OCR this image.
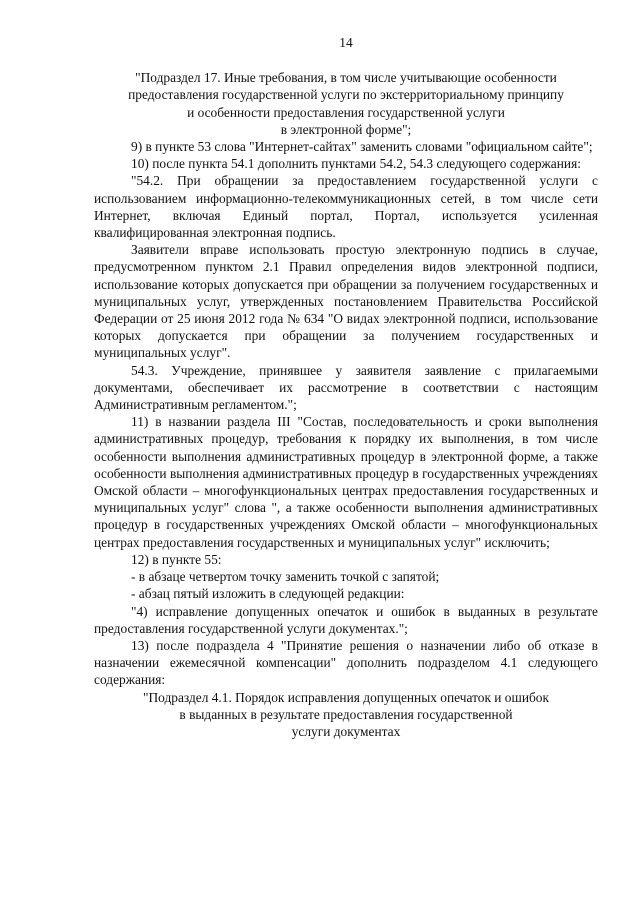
14

"Подраздел 17. Иные требования, в том числе учитывающие особенности

предоставления государственной услуги по экстерриториальному принципу

и особенности предоставления государственной услуги

в электронной форме";

9) в пункте 53 слова "Интернет-сайтах" заменить словами "официальном сайте";

10) после пункта 54.1 дополнить пунктами 54.2, 54.3 следующего содержания:

"54.2. При обращении за предоставлением государственной услуги с использованием информационно-телекоммуникационных сетей, в том числе сети Интернет, включая Единый портал, Портал, используется усиленная квалифицированная электронная подпись.

Заявители вправе использовать простую электронную подпись в случае, предусмотренном пунктом 2.1 Правил определения видов электронной подписи, использование которых допускается при обращении за получением государственных и муниципальных услуг, утвержденных постановлением Правительства Российской Федерации от 25 июня 2012 года № 634 "О видах электронной подписи, использование которых допускается при обращении за получением государственных и муниципальных услуг".

54.3. Учреждение, принявшее у заявителя заявление с прилагаемыми документами, обеспечивает их рассмотрение в соответствии с настоящим Административным регламентом.";

11) в названии раздела III "Состав, последовательность и сроки выполнения административных процедур, требования к порядку их выполнения, в том числе особенности выполнения административных процедур в электронной форме, а также особенности выполнения административных процедур в государственных учреждениях Омской области – многофункциональных центрах предоставления государственных и муниципальных услуг" слова ", а также особенности выполнения административных процедур в государственных учреждениях Омской области – многофункциональных центрах предоставления государственных и муниципальных услуг" исключить;

12) в пункте 55:

- в абзаце четвертом точку заменить точкой с запятой;

- абзац пятый изложить в следующей редакции:

"4) исправление допущенных опечаток и ошибок в выданных в результате предоставления государственной услуги документах.";

13) после подраздела 4 "Принятие решения о назначении либо об отказе в назначении ежемесячной компенсации" дополнить подразделом 4.1 следующего содержания:

"Подраздел 4.1. Порядок исправления допущенных опечаток и ошибок

в выданных в результате предоставления государственной

услуги документах
